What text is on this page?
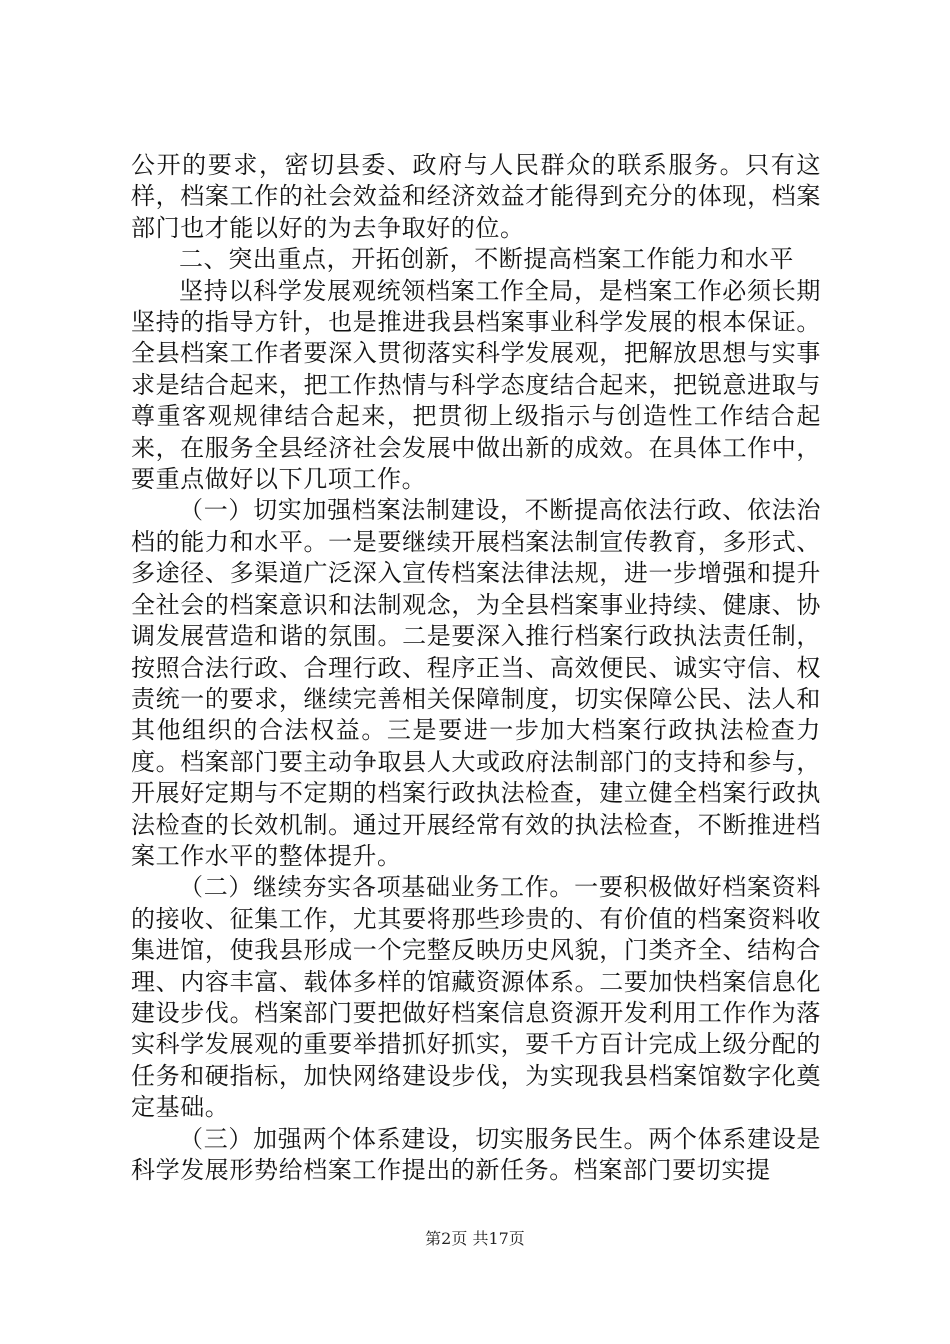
公开的要求，密切县委、政府与人民群众的联系服务。只有这样，档案工作的社会效益和经济效益才能得到充分的体现，档案部门也才能以好的为去争取好的位。

二、突出重点，开拓创新，不断提高档案工作能力和水平

坚持以科学发展观统领档案工作全局，是档案工作必须长期坚持的指导方针，也是推进我县档案事业科学发展的根本保证。全县档案工作者要深入贯彻落实科学发展观，把解放思想与实事求是结合起来，把工作热情与科学态度结合起来，把锐意进取与尊重客观规律结合起来，把贯彻上级指示与创造性工作结合起来，在服务全县经济社会发展中做出新的成效。在具体工作中，要重点做好以下几项工作。

（一）切实加强档案法制建设，不断提高依法行政、依法治档的能力和水平。一是要继续开展档案法制宣传教育，多形式、多途径、多渠道广泛深入宣传档案法律法规，进一步增强和提升全社会的档案意识和法制观念，为全县档案事业持续、健康、协调发展营造和谐的氛围。二是要深入推行档案行政执法责任制，按照合法行政、合理行政、程序正当、高效便民、诚实守信、权责统一的要求，继续完善相关保障制度，切实保障公民、法人和其他组织的合法权益。三是要进一步加大档案行政执法检查力度。档案部门要主动争取县人大或政府法制部门的支持和参与，开展好定期与不定期的档案行政执法检查，建立健全档案行政执法检查的长效机制。通过开展经常有效的执法检查，不断推进档案工作水平的整体提升。

（二）继续夯实各项基础业务工作。一要积极做好档案资料的接收、征集工作，尤其要将那些珍贵的、有价值的档案资料收集进馆，使我县形成一个完整反映历史风貌，门类齐全、结构合理、内容丰富、载体多样的馆藏资源体系。二要加快档案信息化建设步伐。档案部门要把做好档案信息资源开发利用工作作为落实科学发展观的重要举措抓好抓实，要千方百计完成上级分配的任务和硬指标，加快网络建设步伐，为实现我县档案馆数字化奠定基础。

（三）加强两个体系建设，切实服务民生。两个体系建设是科学发展形势给档案工作提出的新任务。档案部门要切实提

第2页 共17页
